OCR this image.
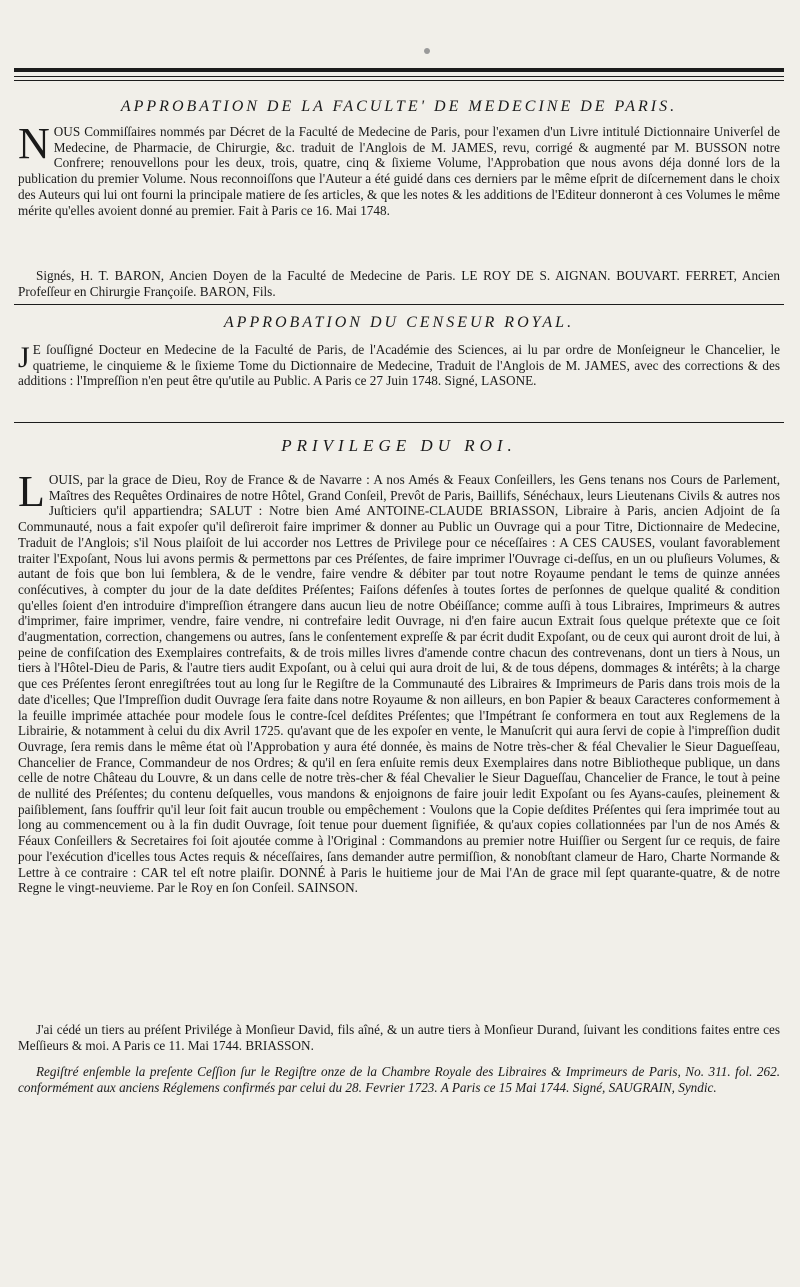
APPROBATION DE LA FACULTE' DE MEDECINE DE PARIS.

NOUS Commiſſaires nommés par Décret de la Faculté de Medecine de Paris, pour l'examen d'un Livre intitulé Dictionnaire Univerſel de Medecine, de Pharmacie, de Chirurgie, &c. traduit de l'Anglois de M. JAMES, revu, corrigé & augmenté par M. BUSSON notre Confrere; renouvellons pour les deux, trois, quatre, cinq & ſixieme Volume, l'Approbation que nous avons déja donné lors de la publication du premier Volume. Nous reconnoiſſons que l'Auteur a été guidé dans ces derniers par le même eſprit de diſcernement dans le choix des Auteurs qui lui ont fourni la principale matiere de ſes articles, & que les notes & les additions de l'Editeur donneront à ces Volumes le même mérite qu'elles avoient donné au premier. Fait à Paris ce 16. Mai 1748.

Signés, H. T. BARON, Ancien Doyen de la Faculté de Medecine de Paris. LE ROY DE S. AIGNAN. BOUVART. FERRET, Ancien Profeſſeur en Chirurgie Françoiſe. BARON, Fils.

APPROBATION DU CENSEUR ROYAL.

J E ſouſſigné Docteur en Medecine de la Faculté de Paris, de l'Académie des Sciences, ai lu par ordre de Monſeigneur le Chancelier, le quatrieme, le cinquieme & le ſixieme Tome du Dictionnaire de Medecine, Traduit de l'Anglois de M. JAMES, avec des corrections & des additions : l'Impreſſion n'en peut être qu'utile au Public. A Paris ce 27 Juin 1748. Signé, LASONE.

PRIVILEGE DU ROI.

LOUIS, par la grace de Dieu, Roy de France & de Navarre : A nos Amés & Feaux Conſeillers, les Gens tenans nos Cours de Parlement, Maîtres des Requêtes Ordinaires de notre Hôtel, Grand Conſeil, Prevôt de Paris, Baillifs, Sénéchaux, leurs Lieutenans Civils & autres nos Juſticiers qu'il appartiendra; SALUT : Notre bien Amé ANTOINE-CLAUDE BRIASSON, Libraire à Paris, ancien Adjoint de ſa Communauté, nous a fait expoſer qu'il deſireroit faire imprimer & donner au Public un Ouvrage qui a pour Titre, Dictionnaire de Medecine, Traduit de l'Anglois; s'il Nous plaiſoit de lui accorder nos Lettres de Privilege pour ce néceſſaires : A CES CAUSES, voulant favorablement traiter l'Expoſant, Nous lui avons permis & permettons par ces Préſentes, de faire imprimer l'Ouvrage ci-deſſus, en un ou pluſieurs Volumes, & autant de fois que bon lui ſemblera, & de le vendre, faire vendre & débiter par tout notre Royaume pendant le tems de quinze années conſécutives, à compter du jour de la date deſdites Préſentes; Faiſons défenſes à toutes ſortes de perſonnes de quelque qualité & condition qu'elles ſoient d'en introduire d'impreſſion étrangere dans aucun lieu de notre Obéiſſance; comme auſſi à tous Libraires, Imprimeurs & autres d'imprimer, faire imprimer, vendre, faire vendre, ni contrefaire ledit Ouvrage, ni d'en faire aucun Extrait ſous quelque prétexte que ce ſoit d'augmentation, correction, changemens ou autres, ſans le conſentement expreſſe & par écrit dudit Expoſant, ou de ceux qui auront droit de lui, à peine de confiſcation des Exemplaires contrefaits, & de trois milles livres d'amende contre chacun des contrevenans, dont un tiers à Nous, un tiers à l'Hôtel-Dieu de Paris, & l'autre tiers audit Expoſant, ou à celui qui aura droit de lui, & de tous dépens, dommages & intérêts; à la charge que ces Préſentes ſeront enregiſtrées tout au long ſur le Regiſtre de la Communauté des Libraires & Imprimeurs de Paris dans trois mois de la date d'icelles; Que l'Impreſſion dudit Ouvrage ſera faite dans notre Royaume & non ailleurs, en bon Papier & beaux Caracteres conformement à la feuille imprimée attachée pour modele ſous le contre-ſcel deſdites Préſentes; que l'Impétrant ſe conformera en tout aux Reglemens de la Librairie, & notamment à celui du dix Avril 1725. qu'avant que de les expoſer en vente, le Manuſcrit qui aura ſervi de copie à l'impreſſion dudit Ouvrage, ſera remis dans le même état où l'Approbation y aura été donnée, ès mains de Notre très-cher & féal Chevalier le Sieur Dagueſſeau, Chancelier de France, Commandeur de nos Ordres; & qu'il en ſera enſuite remis deux Exemplaires dans notre Bibliotheque publique, un dans celle de notre Château du Louvre, & un dans celle de notre très-cher & féal Chevalier le Sieur Dagueſſau, Chancelier de France, le tout à peine de nullité des Préſentes; du contenu deſquelles, vous mandons & enjoignons de faire jouir ledit Expoſant ou ſes Ayans-cauſes, pleinement & paiſiblement, ſans ſouffrir qu'il leur ſoit fait aucun trouble ou empêchement : Voulons que la Copie deſdites Préſentes qui ſera imprimée tout au long au commencement ou à la fin dudit Ouvrage, ſoit tenue pour duement ſignifiée, & qu'aux copies collationnées par l'un de nos Amés & Féaux Conſeillers & Secretaires foi ſoit ajoutée comme à l'Original : Commandons au premier notre Huiſſier ou Sergent ſur ce requis, de faire pour l'exécution d'icelles tous Actes requis & néceſſaires, ſans demander autre permiſſion, & nonobſtant clameur de Haro, Charte Normande & Lettre à ce contraire : CAR tel eſt notre plaiſir. DONNÉ à Paris le huitieme jour de Mai l'An de grace mil ſept quarante-quatre, & de notre Regne le vingt-neuvieme. Par le Roy en ſon Conſeil. SAINSON.

J'ai cédé un tiers au préſent Privilége à Monſieur David, fils aîné, & un autre tiers à Monſieur Durand, ſuivant les conditions faites entre ces Meſſieurs & moi. A Paris ce 11. Mai 1744. BRIASSON.

Regiſtré enſemble la preſente Ceſſion ſur le Regiſtre onze de la Chambre Royale des Libraires & Imprimeurs de Paris, No. 311. fol. 262. conformément aux anciens Réglemens confirmés par celui du 28. Fevrier 1723. A Paris ce 15 Mai 1744. Signé, SAUGRAIN, Syndic.
